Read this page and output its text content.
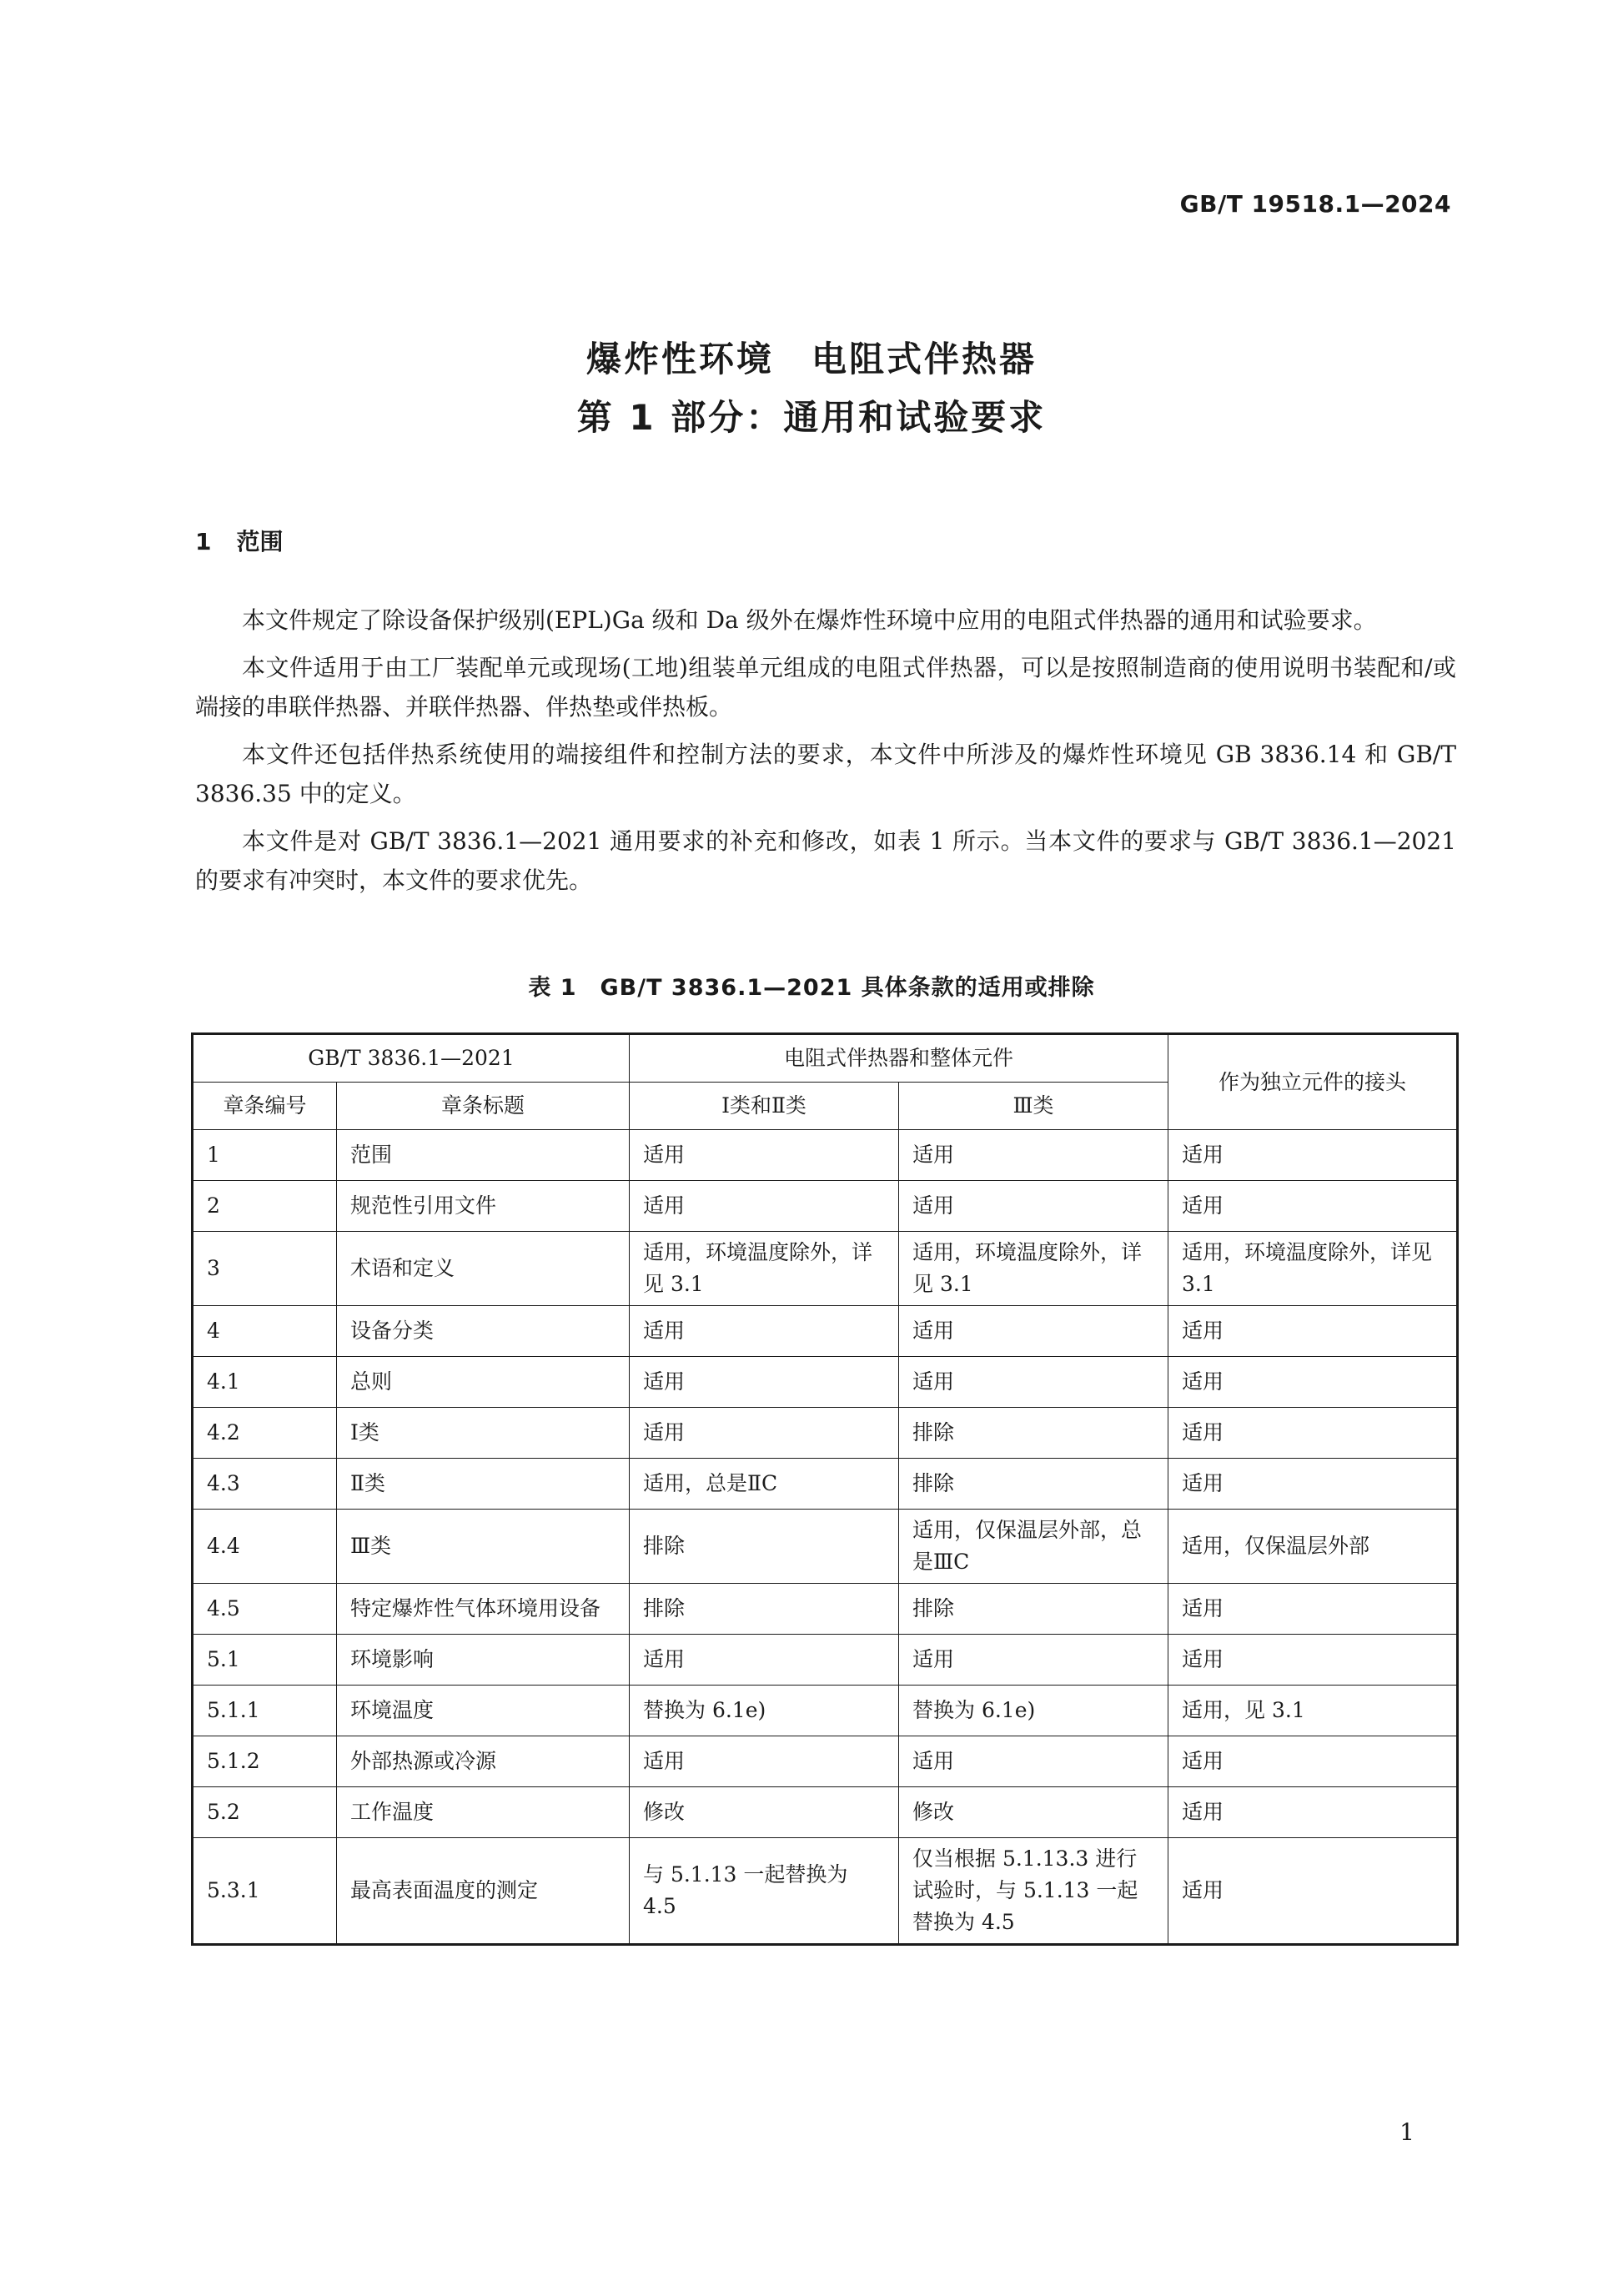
GB/T 19518.1—2024
爆炸性环境　电阻式伴热器
第 1 部分：通用和试验要求
1 范围

本文件规定了除设备保护级别(EPL)Ga 级和 Da 级外在爆炸性环境中应用的电阻式伴热器的通用和试验要求。

本文件适用于由工厂装配单元或现场(工地)组装单元组成的电阻式伴热器，可以是按照制造商的使用说明书装配和/或端接的串联伴热器、并联伴热器、伴热垫或伴热板。

本文件还包括伴热系统使用的端接组件和控制方法的要求，本文件中所涉及的爆炸性环境见 GB 3836.14 和 GB/T 3836.35 中的定义。

本文件是对 GB/T 3836.1—2021 通用要求的补充和修改，如表 1 所示。当本文件的要求与 GB/T 3836.1—2021 的要求有冲突时，本文件的要求优先。

表 1　GB/T 3836.1—2021 具体条款的适用或排除
GB/T 3836.1—2021		电阻式伴热器和整体元件		作为独立元件的接头
章条编号	章条标题	Ⅰ类和Ⅱ类	Ⅲ类	
1	范围	适用	适用	适用
2	规范性引用文件	适用	适用	适用
3	术语和定义	适用，环境温度除外，详见 3.1	适用，环境温度除外，详见 3.1	适用，环境温度除外，详见 3.1
4	设备分类	适用	适用	适用
4.1	总则	适用	适用	适用
4.2	Ⅰ类	适用	排除	适用
4.3	Ⅱ类	适用，总是ⅡC	排除	适用
4.4	Ⅲ类	排除	适用，仅保温层外部，总是ⅢC	适用，仅保温层外部
4.5	特定爆炸性气体环境用设备	排除	排除	适用
5.1	环境影响	适用	适用	适用
5.1.1	环境温度	替换为 6.1e)	替换为 6.1e)	适用，见 3.1
5.1.2	外部热源或冷源	适用	适用	适用
5.2	工作温度	修改	修改	适用
5.3.1	最高表面温度的测定	与 5.1.13 一起替换为 4.5	仅当根据 5.1.13.3 进行试验时，与 5.1.13 一起替换为 4.5	适用
1
